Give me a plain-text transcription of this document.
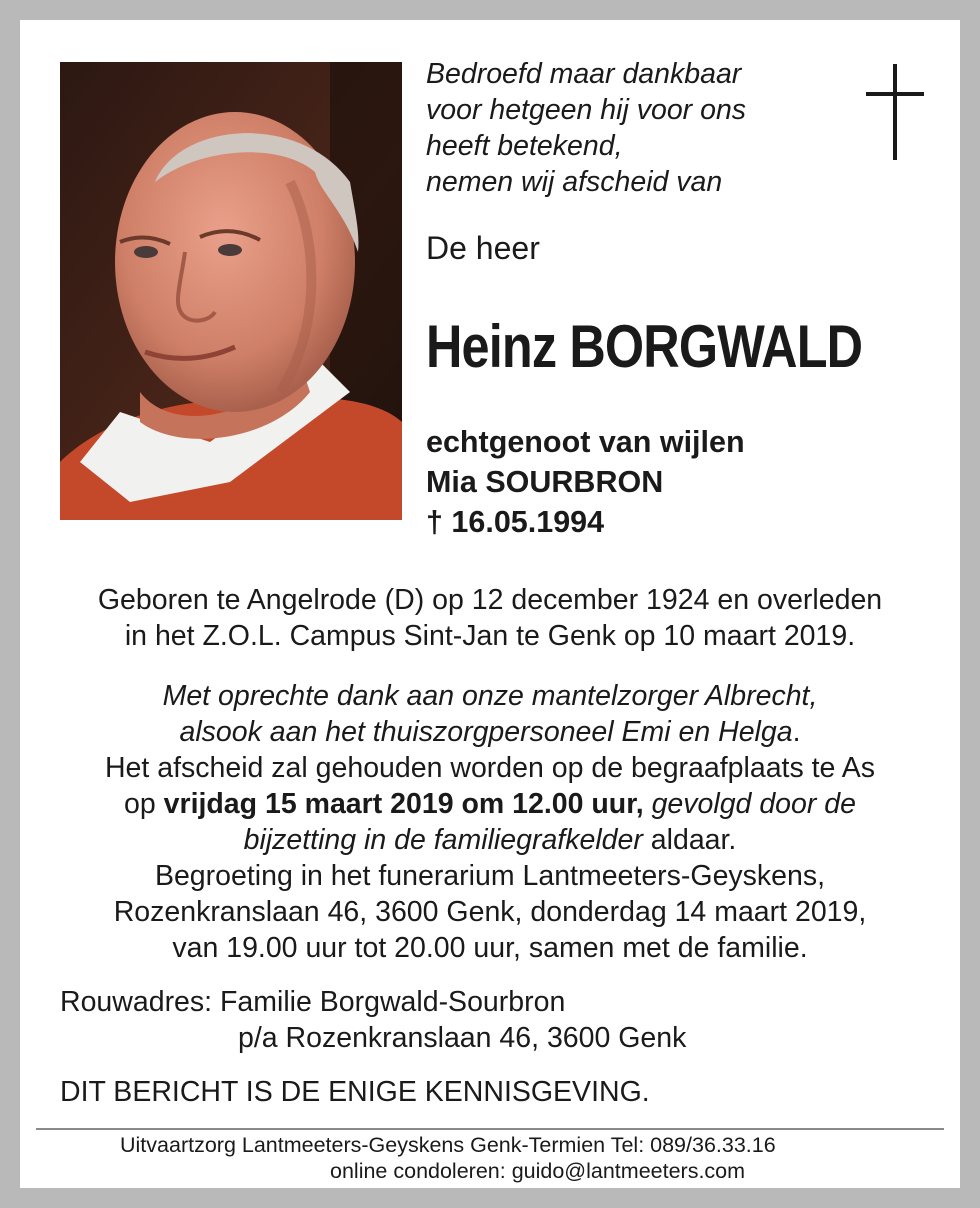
Bedroefd maar dankbaar
voor hetgeen hij voor ons
heeft betekend,
nemen wij afscheid van

De heer
Heinz BORGWALD
echtgenoot van wijlen
Mia SOURBRON
† 16.05.1994
Geboren te Angelrode (D) op 12 december 1924 en overleden
in het Z.O.L. Campus Sint-Jan te Genk op 10 maart 2019.
Met oprechte dank aan onze mantelzorger Albrecht,
alsook aan het thuiszorgpersoneel Emi en Helga.
Het afscheid zal gehouden worden op de begraafplaats te As
op vrijdag 15 maart 2019 om 12.00 uur, gevolgd door de
bijzetting in de familiegrafkelder aldaar.
Begroeting in het funerarium Lantmeeters-Geyskens,
Rozenkranslaan 46, 3600 Genk, donderdag 14 maart 2019,
van 19.00 uur tot 20.00 uur, samen met de familie.
Rouwadres: Familie Borgwald-Sourbron
p/a Rozenkranslaan 46, 3600 Genk
DIT BERICHT IS DE ENIGE KENNISGEVING.
Uitvaartzorg Lantmeeters-Geyskens Genk-Termien Tel: 089/36.33.16
online condoleren: guido@lantmeeters.com
